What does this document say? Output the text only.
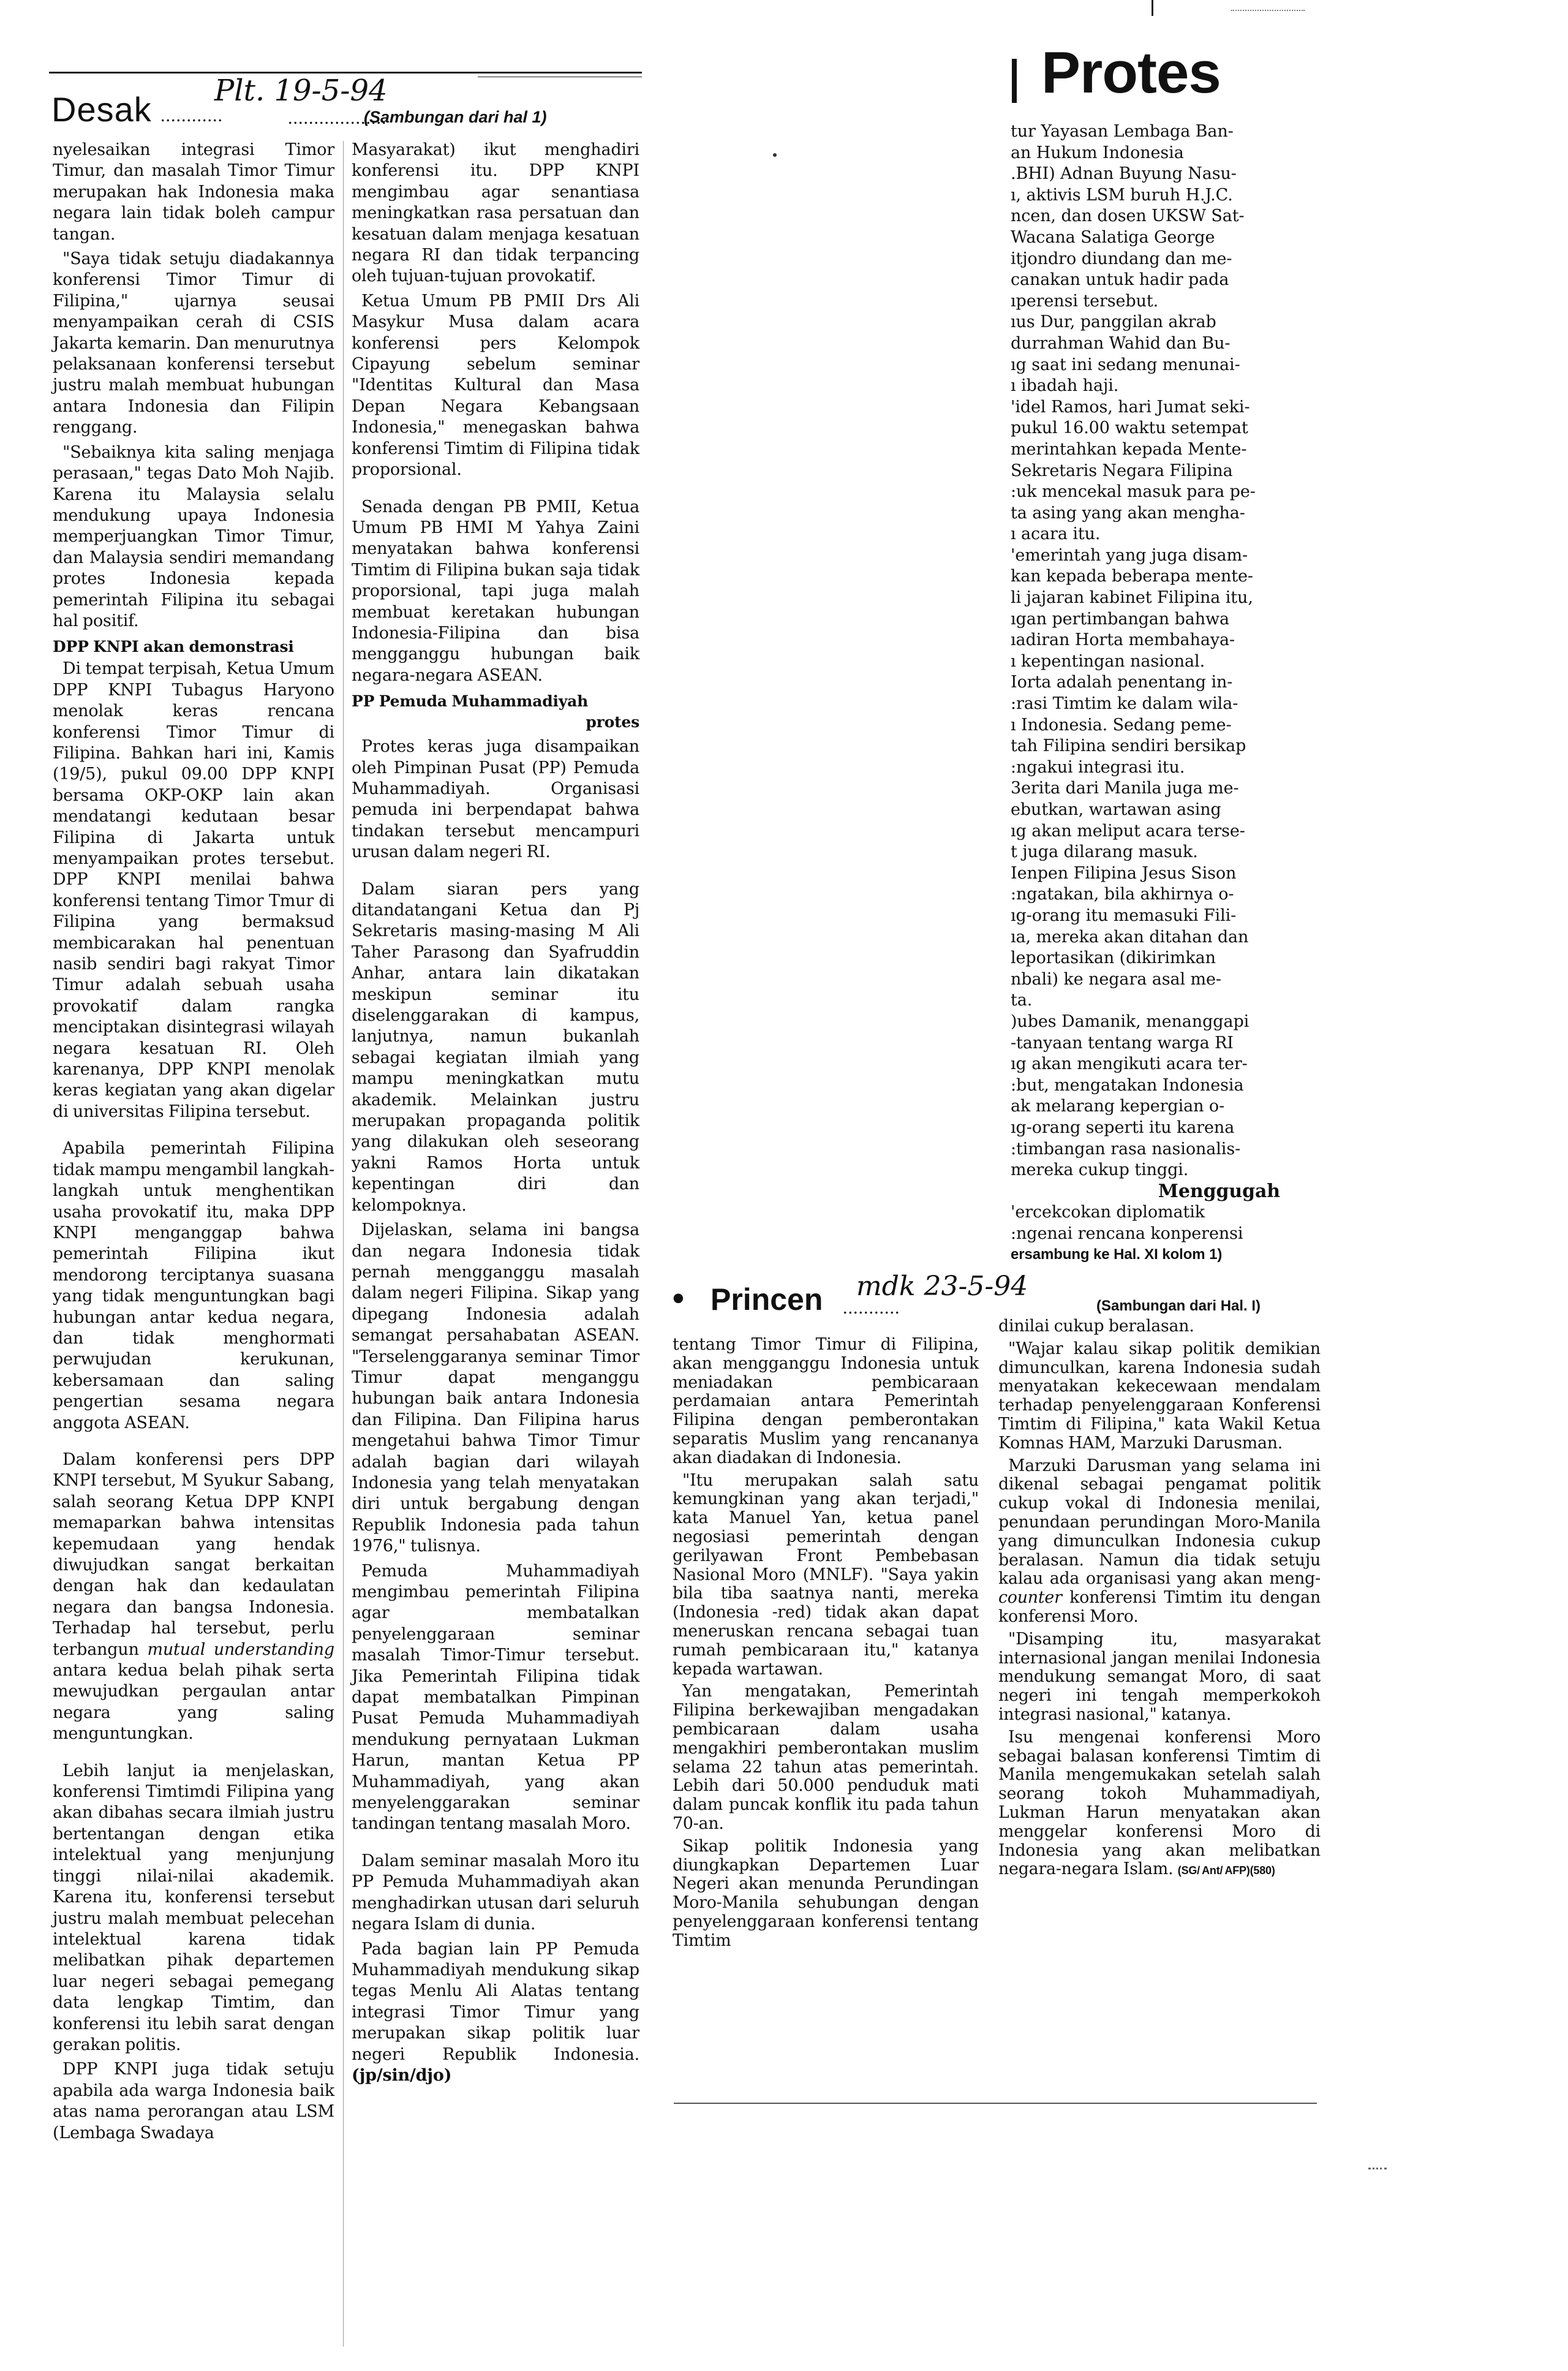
Desak ............
Plt. 19-5-94
...................
(Sambungan dari hal 1)

nyelesaikan integrasi Timor Timur, dan masalah Timor Timur merupakan hak Indonesia maka negara lain tidak boleh campur tangan.

"Saya tidak setuju diadakannya konferensi Timor Timur di Filipina," ujarnya seusai menyampaikan cerah di CSIS Jakarta kemarin. Dan menurutnya pelaksanaan konferensi tersebut justru malah membuat hubungan antara Indonesia dan Filipin renggang.

"Sebaiknya kita saling menjaga perasaan," tegas Dato Moh Najib. Karena itu Malaysia selalu mendukung upaya Indonesia memperjuangkan Timor Timur, dan Malaysia sendiri memandang protes Indonesia kepada pemerintah Filipina itu sebagai hal positif.

DPP KNPI akan demonstrasi

Di tempat terpisah, Ketua Umum DPP KNPI Tubagus Haryono menolak keras rencana konferensi Timor Timur di Filipina. Bahkan hari ini, Kamis (19/5), pukul 09.00 DPP KNPI bersama OKP-OKP lain akan mendatangi kedutaan besar Filipina di Jakarta untuk menyampaikan protes tersebut. DPP KNPI menilai bahwa konferensi tentang Timor Tmur di Filipina yang bermaksud membicarakan hal penentuan nasib sendiri bagi rakyat Timor Timur adalah sebuah usaha provokatif dalam rangka menciptakan disintegrasi wilayah negara kesatuan RI. Oleh karenanya, DPP KNPI menolak keras kegiatan yang akan digelar di universitas Filipina tersebut.

Apabila pemerintah Filipina tidak mampu mengambil langkah-langkah untuk menghentikan usaha provokatif itu, maka DPP KNPI menganggap bahwa pemerintah Filipina ikut mendorong terciptanya suasana yang tidak menguntungkan bagi hubungan antar kedua negara, dan tidak menghormati perwujudan kerukunan, kebersamaan dan saling pengertian sesama negara anggota ASEAN.

Dalam konferensi pers DPP KNPI tersebut, M Syukur Sabang, salah seorang Ketua DPP KNPI memaparkan bahwa intensitas kepemudaan yang hendak diwujudkan sangat berkaitan dengan hak dan kedaulatan negara dan bangsa Indonesia. Terhadap hal tersebut, perlu terbangun mutual understanding antara kedua belah pihak serta mewujudkan pergaulan antar negara yang saling menguntungkan.

Lebih lanjut ia menjelaskan, konferensi Timtimdi Filipina yang akan dibahas secara ilmiah justru bertentangan dengan etika intelektual yang menjunjung tinggi nilai-nilai akademik. Karena itu, konferensi tersebut justru malah membuat pelecehan intelektual karena tidak melibatkan pihak departemen luar negeri sebagai pemegang data lengkap Timtim, dan konferensi itu lebih sarat dengan gerakan politis.

DPP KNPI juga tidak setuju apabila ada warga Indonesia baik atas nama perorangan atau LSM (Lembaga Swadaya

Masyarakat) ikut menghadiri konferensi itu. DPP KNPI mengimbau agar senantiasa meningkatkan rasa persatuan dan kesatuan dalam menjaga kesatuan negara RI dan tidak terpancing oleh tujuan-tujuan provokatif.

Ketua Umum PB PMII Drs Ali Masykur Musa dalam acara konferensi pers Kelompok Cipayung sebelum seminar "Identitas Kultural dan Masa Depan Negara Kebangsaan Indonesia," menegaskan bahwa konferensi Timtim di Filipina tidak proporsional.

Senada dengan PB PMII, Ketua Umum PB HMI M Yahya Zaini menyatakan bahwa konferensi Timtim di Filipina bukan saja tidak proporsional, tapi juga malah membuat keretakan hubungan Indonesia-Filipina dan bisa mengganggu hubungan baik negara-negara ASEAN.

PP Pemuda Muhammadiyah
protes

Protes keras juga disampaikan oleh Pimpinan Pusat (PP) Pemuda Muhammadiyah. Organisasi pemuda ini berpendapat bahwa tindakan tersebut mencampuri urusan dalam negeri RI.

Dalam siaran pers yang ditandatangani Ketua dan Pj Sekretaris masing-masing M Ali Taher Parasong dan Syafruddin Anhar, antara lain dikatakan meskipun seminar itu diselenggarakan di kampus, lanjutnya, namun bukanlah sebagai kegiatan ilmiah yang mampu meningkatkan mutu akademik. Melainkan justru merupakan propaganda politik yang dilakukan oleh seseorang yakni Ramos Horta untuk kepentingan diri dan kelompoknya.

Dijelaskan, selama ini bangsa dan negara Indonesia tidak pernah mengganggu masalah dalam negeri Filipina. Sikap yang dipegang Indonesia adalah semangat persahabatan ASEAN. "Terselenggaranya seminar Timor Timur dapat menganggu hubungan baik antara Indonesia dan Filipina. Dan Filipina harus mengetahui bahwa Timor Timur adalah bagian dari wilayah Indonesia yang telah menyatakan diri untuk bergabung dengan Republik Indonesia pada tahun 1976," tulisnya.

Pemuda Muhammadiyah mengimbau pemerintah Filipina agar membatalkan penyelenggaraan seminar masalah Timor-Timur tersebut. Jika Pemerintah Filipina tidak dapat membatalkan Pimpinan Pusat Pemuda Muhammadiyah mendukung pernyataan Lukman Harun, mantan Ketua PP Muhammadiyah, yang akan menyelenggarakan seminar tandingan tentang masalah Moro.

Dalam seminar masalah Moro itu PP Pemuda Muhammadiyah akan menghadirkan utusan dari seluruh negara Islam di dunia.

Pada bagian lain PP Pemuda Muhammadiyah mendukung sikap tegas Menlu Ali Alatas tentang integrasi Timor Timur yang merupakan sikap politik luar negeri Republik Indonesia. (jp/sin/djo)

Protes
tur Yayasan Lembaga Ban-
an Hukum Indonesia
.BHI) Adnan Buyung Nasu-
ı, aktivis LSM buruh H.J.C.
ncen, dan dosen UKSW Sat-
Wacana Salatiga George
itjondro diundang dan me-
canakan untuk hadir pada
ıperensi tersebut.
ıus Dur, panggilan akrab
durrahman Wahid dan Bu-
ıg saat ini sedang menunai-
ı ibadah haji.
'idel Ramos, hari Jumat seki-
pukul 16.00 waktu setempat
merintahkan kepada Mente-
Sekretaris Negara Filipina
:uk mencekal masuk para pe-
ta asing yang akan mengha-
ı acara itu.
'emerintah yang juga disam-
kan kepada beberapa mente-
li jajaran kabinet Filipina itu,
ıgan pertimbangan bahwa
ıadiran Horta membahaya-
ı kepentingan nasional.
Iorta adalah penentang in-
:rasi Timtim ke dalam wila-
ı Indonesia. Sedang peme-
tah Filipina sendiri bersikap
:ngakui integrasi itu.
3erita dari Manila juga me-
ebutkan, wartawan asing
ıg akan meliput acara terse-
t juga dilarang masuk.
Ienpen Filipina Jesus Sison
:ngatakan, bila akhirnya o-
ıg-orang itu memasuki Fili-
ıa, mereka akan ditahan dan
leportasikan (dikirimkan
nbali) ke negara asal me-
ta.
)ubes Damanik, menanggapi
-tanyaan tentang warga RI
ıg akan mengikuti acara ter-
:but, mengatakan Indonesia
ak melarang kepergian o-
ıg-orang seperti itu karena
:timbangan rasa nasionalis-
mereka cukup tinggi.
Menggugah
'ercekcokan diplomatik
:ngenai rencana konperensi
ersambung ke Hal. XI kolom 1)
• Princen ...........
mdk 23-5-94
(Sambungan dari Hal. I)

tentang Timor Timur di Filipina, akan mengganggu Indonesia untuk meniadakan pembicaraan perdamaian antara Pemerintah Filipina dengan pemberontakan separatis Muslim yang rencananya akan diadakan di Indonesia.

"Itu merupakan salah satu kemungkinan yang akan terjadi," kata Manuel Yan, ketua panel negosiasi pemerintah dengan gerilyawan Front Pembebasan Nasional Moro (MNLF). "Saya yakin bila tiba saatnya nanti, mereka (Indonesia -red) tidak akan dapat meneruskan rencana sebagai tuan rumah pembicaraan itu," katanya kepada wartawan.

Yan mengatakan, Pemerintah Filipina berkewajiban mengadakan pembicaraan dalam usaha mengakhiri pemberontakan muslim selama 22 tahun atas pemerintah. Lebih dari 50.000 penduduk mati dalam puncak konflik itu pada tahun 70-an.

Sikap politik Indonesia yang diungkapkan Departemen Luar Negeri akan menunda Perundingan Moro-Manila sehubungan dengan penyelenggaraan konferensi tentang Timtim

dinilai cukup beralasan.

"Wajar kalau sikap politik demikian dimunculkan, karena Indonesia sudah menyatakan kekecewaan mendalam terhadap penyelenggaraan Konferensi Timtim di Filipina," kata Wakil Ketua Komnas HAM, Marzuki Darusman.

Marzuki Darusman yang selama ini dikenal sebagai pengamat politik cukup vokal di Indonesia menilai, penundaan perundingan Moro-Manila yang dimunculkan Indonesia cukup beralasan. Namun dia tidak setuju kalau ada organisasi yang akan meng-counter konferensi Timtim itu dengan konferensi Moro.

"Disamping itu, masyarakat internasional jangan menilai Indonesia mendukung semangat Moro, di saat negeri ini tengah memperkokoh integrasi nasional," katanya.

Isu mengenai konferensi Moro sebagai balasan konferensi Timtim di Manila mengemukakan setelah salah seorang tokoh Muhammadiyah, Lukman Harun menyatakan akan menggelar konferensi Moro di Indonesia yang akan melibatkan negara-negara Islam. (SG/ Ant/ AFP)(580)
